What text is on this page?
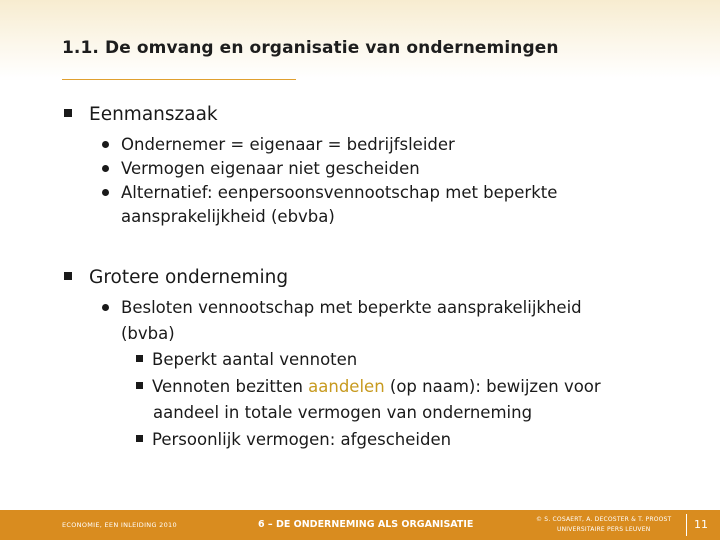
1.1. De omvang en organisatie van ondernemingen
Eenmanszaak
Ondernemer = eigenaar = bedrijfsleider
Vermogen eigenaar niet gescheiden
Alternatief: eenpersoonsvennootschap met beperkte
aansprakelijkheid (ebvba)
Grotere onderneming
Besloten vennootschap met beperkte aansprakelijkheid
(bvba)
Beperkt aantal vennoten
Vennoten bezitten aandelen (op naam): bewijzen voor
aandeel in totale vermogen van onderneming
Persoonlijk vermogen: afgescheiden
ECONOMIE, EEN INLEIDING 2010	6 – DE ONDERNEMING ALS ORGANISATIE	© S. COSAERT, A. DECOSTER & T. PROOST
UNIVERSITAIRE PERS LEUVEN	11
